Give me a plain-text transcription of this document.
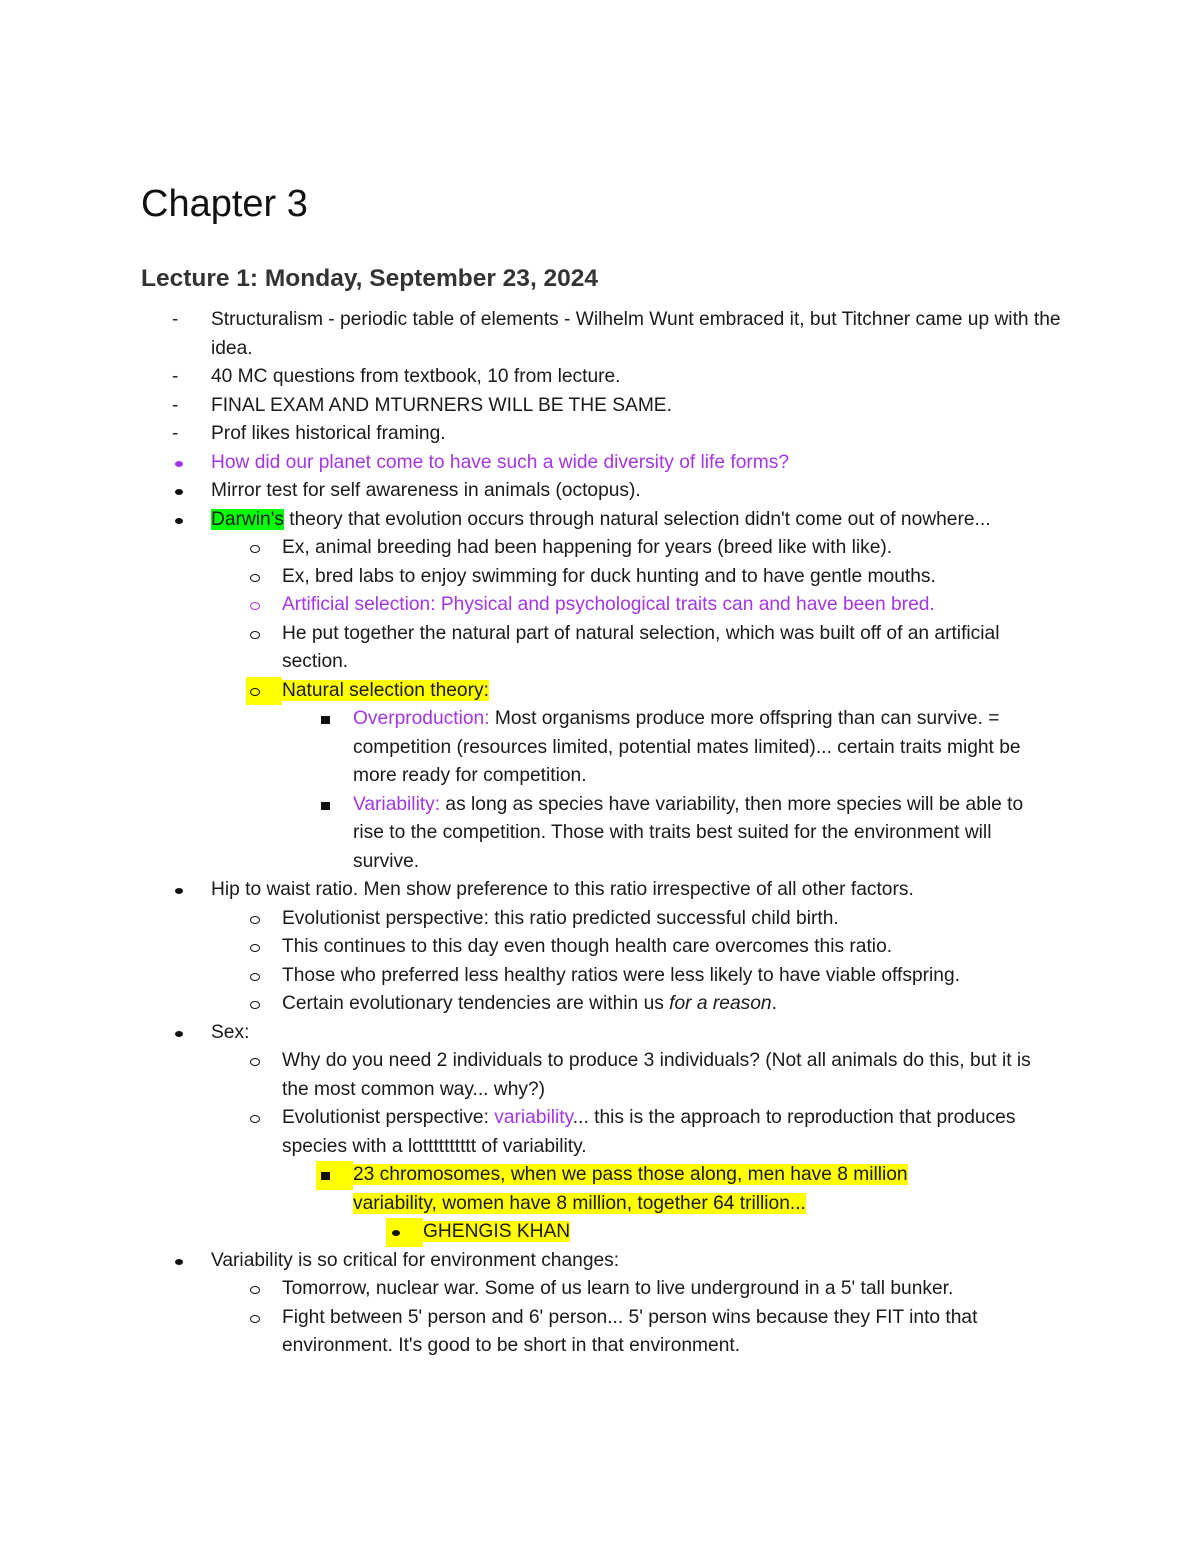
Chapter 3
Lecture 1: Monday, September 23, 2024
- Structuralism - periodic table of elements - Wilhelm Wunt embraced it, but Titchner came up with the idea.
- 40 MC questions from textbook, 10 from lecture.
- FINAL EXAM AND MTURNERS WILL BE THE SAME.
- Prof likes historical framing.
How did our planet come to have such a wide diversity of life forms?
Mirror test for self awareness in animals (octopus).
Darwin's theory that evolution occurs through natural selection didn't come out of nowhere...
Ex, animal breeding had been happening for years (breed like with like).
Ex, bred labs to enjoy swimming for duck hunting and to have gentle mouths.
Artificial selection: Physical and psychological traits can and have been bred.
He put together the natural part of natural selection, which was built off of an artificial section.
Natural selection theory:
Overproduction: Most organisms produce more offspring than can survive. = competition (resources limited, potential mates limited)... certain traits might be more ready for competition.
Variability: as long as species have variability, then more species will be able to rise to the competition. Those with traits best suited for the environment will survive.
Hip to waist ratio. Men show preference to this ratio irrespective of all other factors.
Evolutionist perspective: this ratio predicted successful child birth.
This continues to this day even though health care overcomes this ratio.
Those who preferred less healthy ratios were less likely to have viable offspring.
Certain evolutionary tendencies are within us for a reason.
Sex:
Why do you need 2 individuals to produce 3 individuals? (Not all animals do this, but it is the most common way... why?)
Evolutionist perspective: variability... this is the approach to reproduction that produces species with a lotttttttttt of variability.
23 chromosomes, when we pass those along, men have 8 million
variability, women have 8 million, together 64 trillion...
GHENGIS KHAN
Variability is so critical for environment changes:
Tomorrow, nuclear war. Some of us learn to live underground in a 5' tall bunker.
Fight between 5' person and 6' person... 5' person wins because they FIT into that environment. It's good to be short in that environment.
